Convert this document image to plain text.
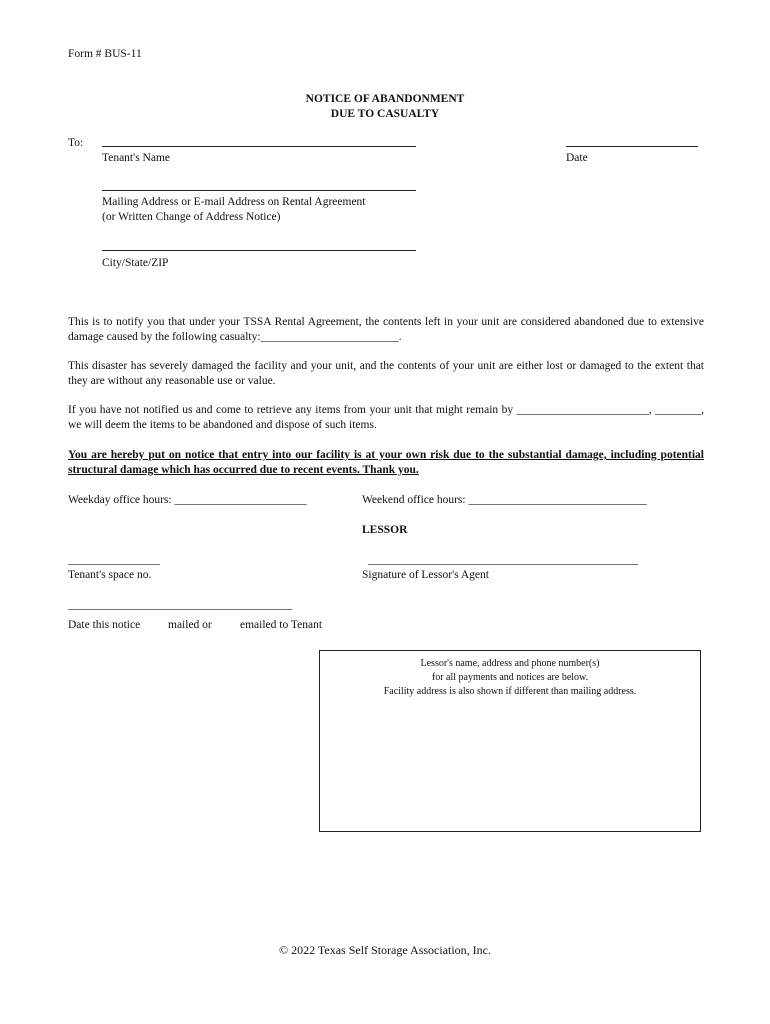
Form # BUS-11
NOTICE OF ABANDONMENT
DUE TO CASUALTY
To:
Tenant's Name	Date
Mailing Address or E-mail Address on Rental Agreement
(or Written Change of Address Notice)
City/State/ZIP
This is to notify you that under your TSSA Rental Agreement, the contents left in your unit are considered abandoned due to extensive damage caused by the following casualty:________________________.
This disaster has severely damaged the facility and your unit, and the contents of your unit are either lost or damaged to the extent that they are without any reasonable use or value.
If you have not notified us and come to retrieve any items from your unit that might remain by _______________________, ________, we will deem the items to be abandoned and dispose of such items.
You are hereby put on notice that entry into our facility is at your own risk due to the substantial damage, including potential structural damage which has occurred due to recent events. Thank you.
Weekday office hours: _______________________	Weekend office hours: _______________________________
LESSOR
________________
Tenant's space no.
_______________________________________________
Signature of Lessor's Agent
_______________________________________
Date this notice mailed or emailed to Tenant
Lessor's name, address and phone number(s)
for all payments and notices are below.
Facility address is also shown if different than mailing address.
© 2022 Texas Self Storage Association, Inc.
